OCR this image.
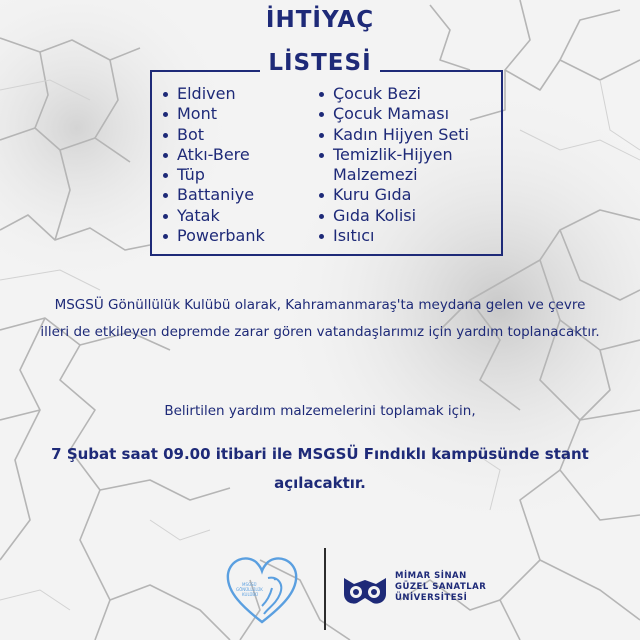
İHTİYAÇ
LİSTESİ
Eldiven
Mont
Bot
Atkı-Bere
Tüp
Battaniye
Yatak
Powerbank
Çocuk Bezi
Çocuk Maması
Kadın Hijyen Seti
Temizlik-Hijyen Malzemezi
Kuru Gıda
Gıda Kolisi
Isıtıcı

MSGSÜ Gönüllülük Kulübü olarak, Kahramanmaraş'ta meydana gelen ve çevre illeri de etkileyen depremde zarar gören vatandaşlarımız için yardım toplanacaktır.

Belirtilen yardım malzemelerini toplamak için,

7 Şubat saat 09.00 itibari ile MSGSÜ Fındıklı kampüsünde stant açılacaktır.

MSGSÜ
GÖNÜLLÜLÜK
KULÜBÜ
MİMAR SİNAN
GÜZEL SANATLAR
ÜNİVERSİTESİ
